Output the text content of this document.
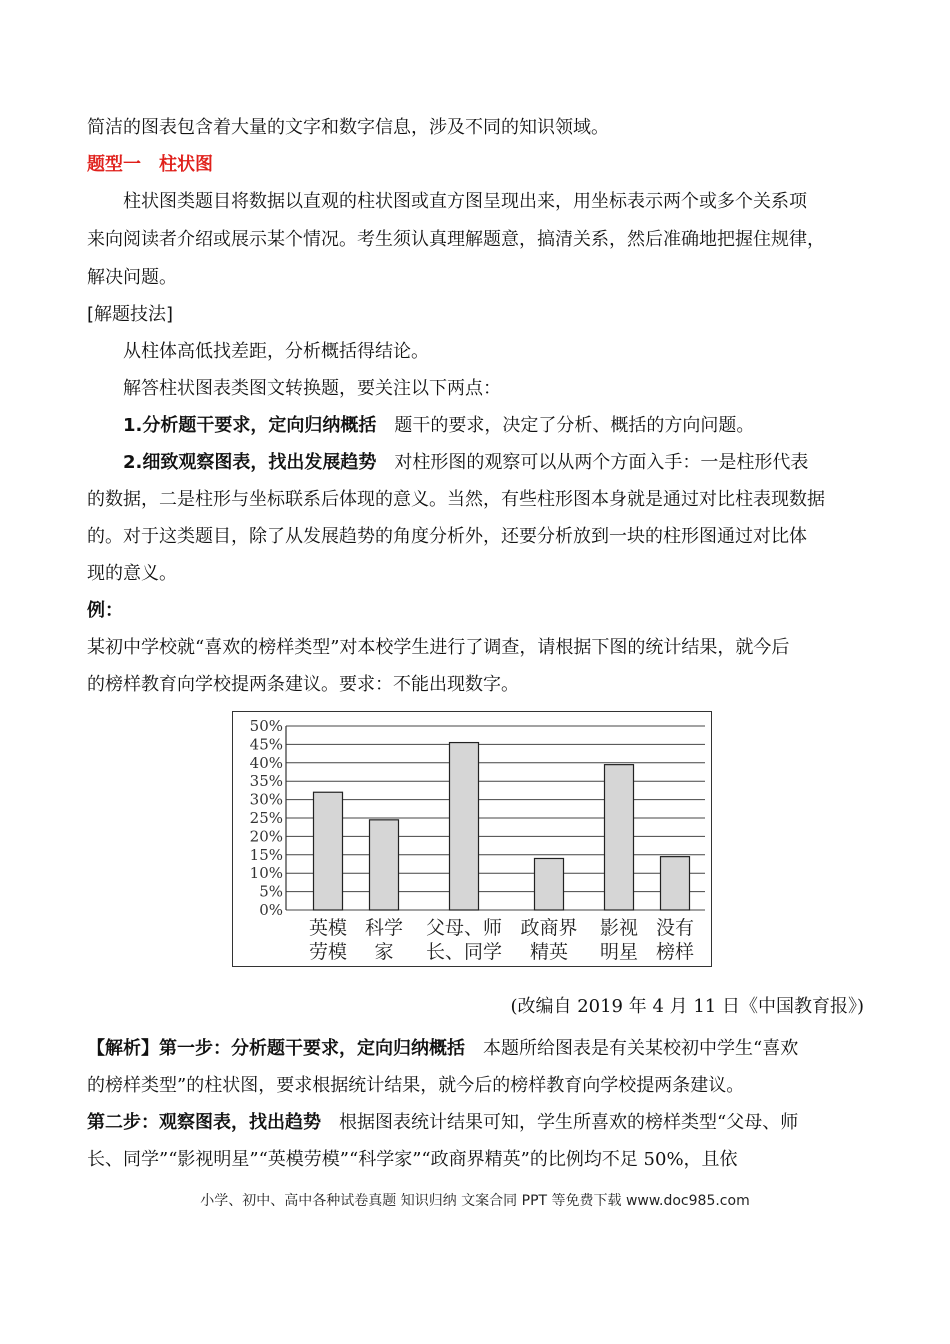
简洁的图表包含着大量的文字和数字信息，涉及不同的知识领域。
题型一　柱状图
柱状图类题目将数据以直观的柱状图或直方图呈现出来，用坐标表示两个或多个关系项
来向阅读者介绍或展示某个情况。考生须认真理解题意，搞清关系，然后准确地把握住规律，
解决问题。
[解题技法]
从柱体高低找差距，分析概括得结论。
解答柱状图表类图文转换题，要关注以下两点：
1.分析题干要求，定向归纳概括 题干的要求，决定了分析、概括的方向问题。
2.细致观察图表，找出发展趋势 对柱形图的观察可以从两个方面入手：一是柱形代表
的数据，二是柱形与坐标联系后体现的意义。当然，有些柱形图本身就是通过对比柱表现数据
的。对于这类题目，除了从发展趋势的角度分析外，还要分析放到一块的柱形图通过对比体
现的意义。
例：
某初中学校就“喜欢的榜样类型”对本校学生进行了调查，请根据下图的统计结果，就今后
的榜样教育向学校提两条建议。要求：不能出现数字。
0%
5%
10%
15%
20%
25%
30%
35%
40%
45%
50%
英模
劳模
科学
家
父母、师
长、同学
政商界
精英
影视
明星
没有
榜样
(改编自 2019 年 4 月 11 日《中国教育报》)
【解析】第一步：分析题干要求，定向归纳概括 本题所给图表是有关某校初中学生“喜欢
的榜样类型”的柱状图，要求根据统计结果，就今后的榜样教育向学校提两条建议。
第二步：观察图表，找出趋势 根据图表统计结果可知，学生所喜欢的榜样类型“父母、师
长、同学”“影视明星”“英模劳模”“科学家”“政商界精英”的比例均不足 50%，且依
小学、初中、高中各种试卷真题 知识归纳 文案合同 PPT 等免费下载 www.doc985.com
